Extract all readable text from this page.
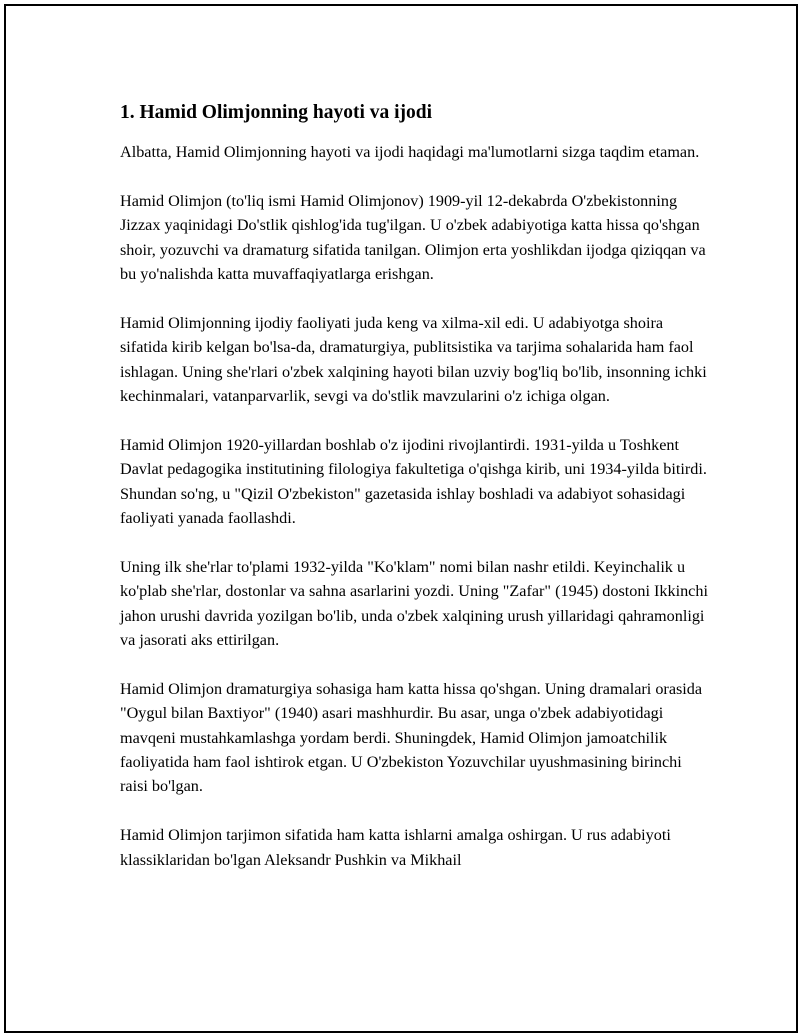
1. Hamid Olimjonning hayoti va ijodi

Albatta, Hamid Olimjonning hayoti va ijodi haqidagi ma'lumotlarni sizga taqdim etaman.

Hamid Olimjon (to'liq ismi Hamid Olimjonov) 1909-yil 12-dekabrda O'zbekistonning Jizzax yaqinidagi Do'stlik qishlog'ida tug'ilgan. U o'zbek adabiyotiga katta hissa qo'shgan shoir, yozuvchi va dramaturg sifatida tanilgan. Olimjon erta yoshlikdan ijodga qiziqqan va bu yo'nalishda katta muvaffaqiyatlarga erishgan.

Hamid Olimjonning ijodiy faoliyati juda keng va xilma-xil edi. U adabiyotga shoira sifatida kirib kelgan bo'lsa-da, dramaturgiya, publitsistika va tarjima sohalarida ham faol ishlagan. Uning she'rlari o'zbek xalqining hayoti bilan uzviy bog'liq bo'lib, insonning ichki kechinmalari, vatanparvarlik, sevgi va do'stlik mavzularini o'z ichiga olgan.

Hamid Olimjon 1920-yillardan boshlab o'z ijodini rivojlantirdi. 1931-yilda u Toshkent Davlat pedagogika institutining filologiya fakultetiga o'qishga kirib, uni 1934-yilda bitirdi. Shundan so'ng, u "Qizil O'zbekiston" gazetasida ishlay boshladi va adabiyot sohasidagi faoliyati yanada faollashdi.

Uning ilk she'rlar to'plami 1932-yilda "Ko'klam" nomi bilan nashr etildi. Keyinchalik u ko'plab she'rlar, dostonlar va sahna asarlarini yozdi. Uning "Zafar" (1945) dostoni Ikkinchi jahon urushi davrida yozilgan bo'lib, unda o'zbek xalqining urush yillaridagi qahramonligi va jasorati aks ettirilgan.

Hamid Olimjon dramaturgiya sohasiga ham katta hissa qo'shgan. Uning dramalari orasida "Oygul bilan Baxtiyor" (1940) asari mashhurdir. Bu asar, unga o'zbek adabiyotidagi mavqeni mustahkamlashga yordam berdi. Shuningdek, Hamid Olimjon jamoatchilik faoliyatida ham faol ishtirok etgan. U O'zbekiston Yozuvchilar uyushmasining birinchi raisi bo'lgan.

Hamid Olimjon tarjimon sifatida ham katta ishlarni amalga oshirgan. U rus adabiyoti klassiklaridan bo'lgan Aleksandr Pushkin va Mikhail
